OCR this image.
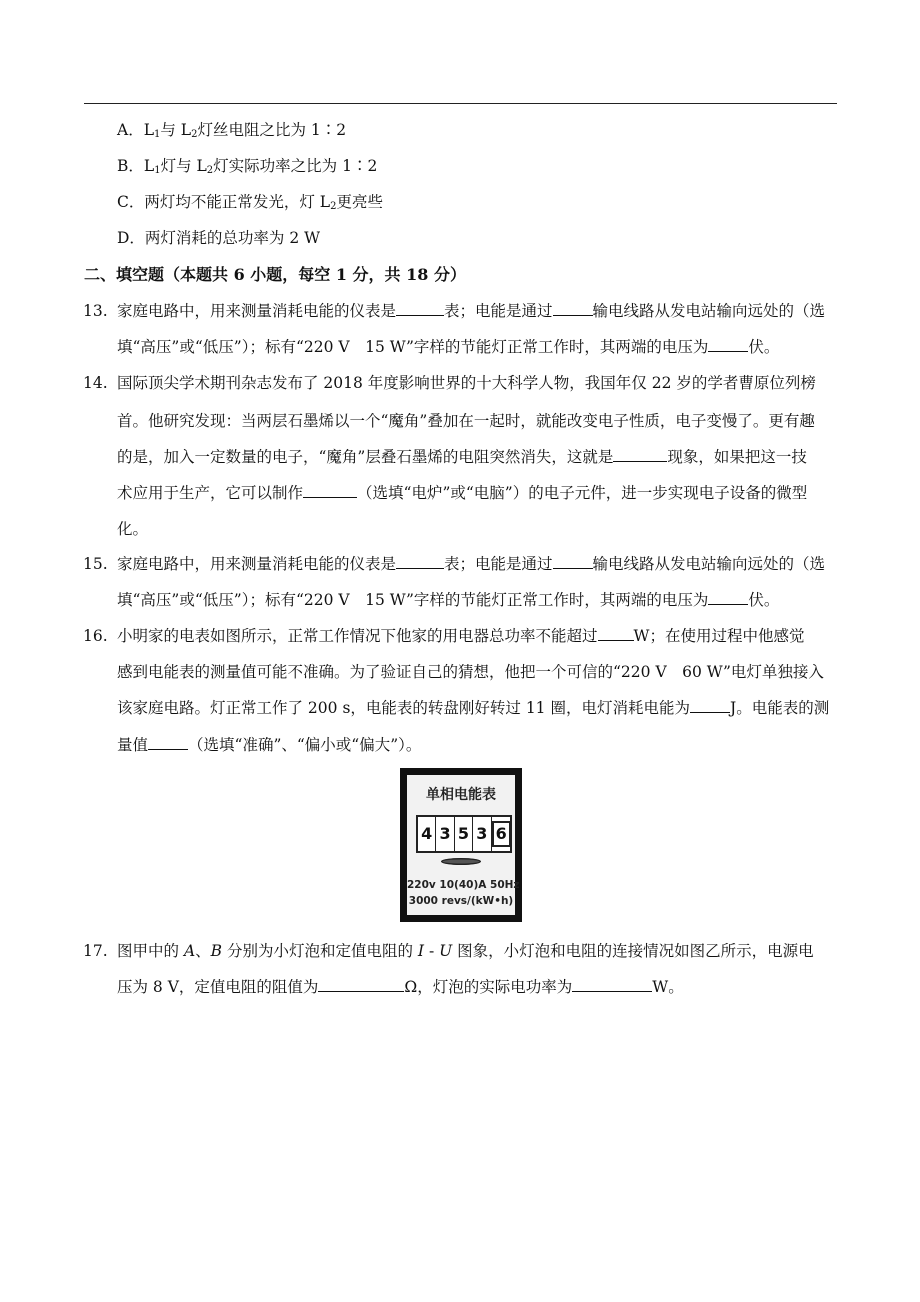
A．$L_1$与 $L_2$灯丝电阻之比为 1∶2
B．$L_1$灯与 $L_2$灯实际功率之比为 1∶2
C．两灯均不能正常发光，灯 $L_2$更亮些
D．两灯消耗的总功率为 2 W
二、填空题（本题共 6 小题，每空 1 分，共 18 分）
13. 家庭电路中，用来测量消耗电能的仪表是	表；电能是通过	输电线路从发电站输向远处的（选
填“高压”或“低压”）；标有“220 V　15 W”字样的节能灯正常工作时，其两端的电压为	伏。
14. 国际顶尖学术期刊杂志发布了 2018 年度影响世界的十大科学人物，我国年仅 22 岁的学者曹原位列榜
首。他研究发现：当两层石墨烯以一个“魔角”叠加在一起时，就能改变电子性质，电子变慢了。更有趣
的是，加入一定数量的电子，“魔角”层叠石墨烯的电阻突然消失，这就是	现象，如果把这一技
术应用于生产，它可以制作	（选填“电炉”或“电脑”）的电子元件，进一步实现电子设备的微型
化。
15. 家庭电路中，用来测量消耗电能的仪表是	表；电能是通过	输电线路从发电站输向远处的（选
填“高压”或“低压”）；标有“220 V　15 W”字样的节能灯正常工作时，其两端的电压为	伏。
16. 小明家的电表如图所示，正常工作情况下他家的用电器总功率不能超过 W；在使用过程中他感觉
感到电能表的测量值可能不准确。为了验证自己的猜想，他把一个可信的“220 V　60 W”电灯单独接入
该家庭电路。灯正常工作了 200 s，电能表的转盘刚好转过 11 圈，电灯消耗电能为	J。电能表的测
量值	（选填“准确”、“偏小或“偏大”）。
单相电能表
4 3 5 3 6
220v 10(40)A 50Hz
3000 revs/(kW•h)
17. 图甲中的 A、B 分别为小灯泡和定值电阻的 I - U 图象，小灯泡和电阻的连接情况如图乙所示，电源电
压为 8 V，定值电阻的阻值为	Ω，灯泡的实际电功率为	W。
